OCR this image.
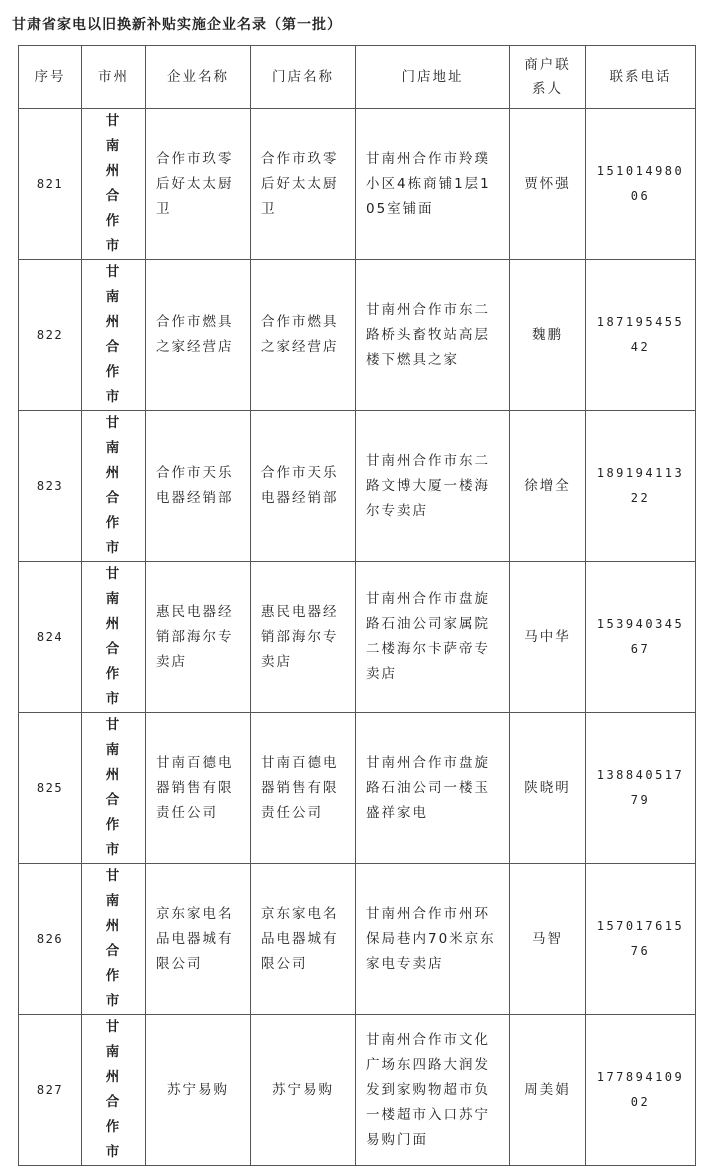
甘肃省家电以旧换新补贴实施企业名录（第一批）
序号	市州	企业名称	门店名称	门店地址	商户联系人	联系电话
821	甘南州合作市	合作市玖零后好太太厨卫	合作市玖零后好太太厨卫	甘南州合作市羚璞小区4栋商铺1层105室铺面	贾怀强	15101498006
822	甘南州合作市	合作市燃具之家经营店	合作市燃具之家经营店	甘南州合作市东二路桥头畜牧站高层楼下燃具之家	魏鹏	18719545542
823	甘南州合作市	合作市天乐电器经销部	合作市天乐电器经销部	甘南州合作市东二路文博大厦一楼海尔专卖店	徐增全	18919411322
824	甘南州合作市	惠民电器经销部海尔专卖店	惠民电器经销部海尔专卖店	甘南州合作市盘旋路石油公司家属院二楼海尔卡萨帝专卖店	马中华	15394034567
825	甘南州合作市	甘南百德电器销售有限责任公司	甘南百德电器销售有限责任公司	甘南州合作市盘旋路石油公司一楼玉盛祥家电	陕晓明	13884051779
826	甘南州合作市	京东家电名品电器城有限公司	京东家电名品电器城有限公司	甘南州合作市州环保局巷内70米京东家电专卖店	马智	15701761576
827	甘南州合作市	苏宁易购	苏宁易购	甘南州合作市文化广场东四路大润发发到家购物超市负一楼超市入口苏宁易购门面	周美娟	17789410902
